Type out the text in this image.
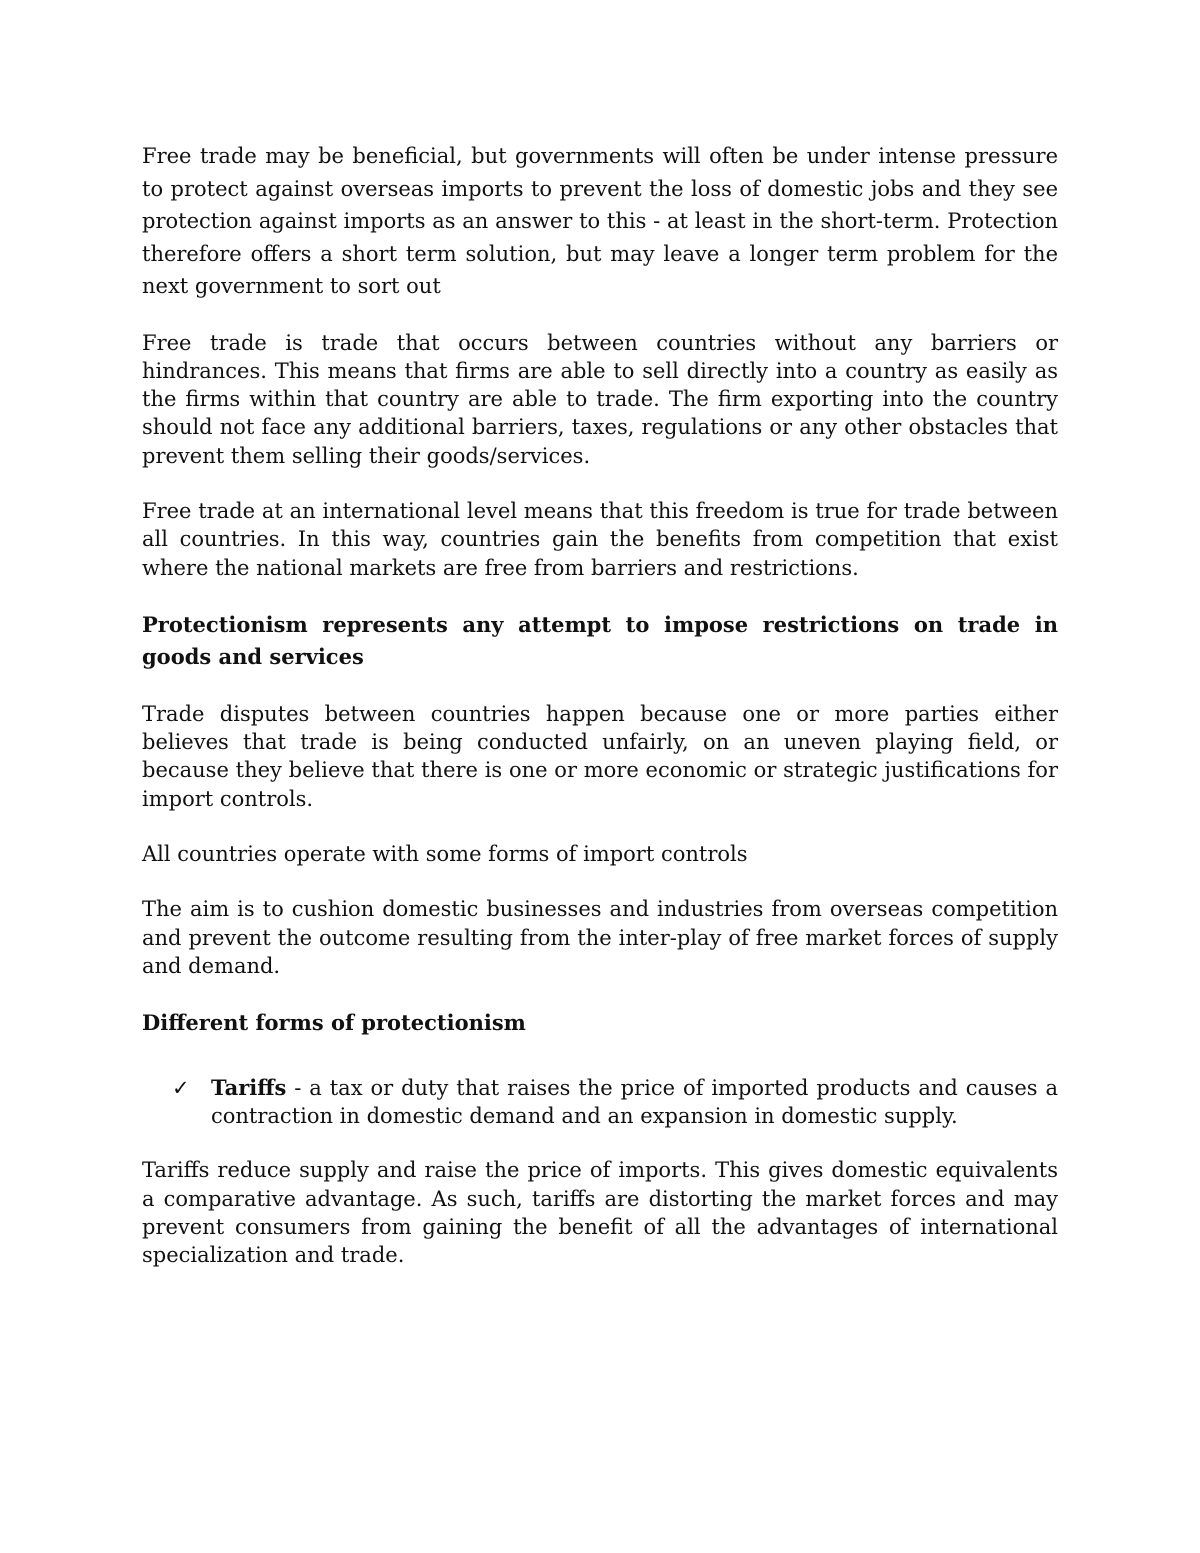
Free trade may be beneficial, but governments will often be under intense pressure to protect against overseas imports to prevent the loss of domestic jobs and they see protection against imports as an answer to this - at least in the short-term. Protection therefore offers a short term solution, but may leave a longer term problem for the next government to sort out

Free trade is trade that occurs between countries without any barriers or hindrances. This means that firms are able to sell directly into a country as easily as the firms within that country are able to trade. The firm exporting into the country should not face any additional barriers, taxes, regulations or any other obstacles that prevent them selling their goods/services.

Free trade at an international level means that this freedom is true for trade between all countries. In this way, countries gain the benefits from competition that exist where the national markets are free from barriers and restrictions.

Protectionism represents any attempt to impose restrictions on trade in goods and services

Trade disputes between countries happen because one or more parties either believes that trade is being conducted unfairly, on an uneven playing field, or because they believe that there is one or more economic or strategic justifications for import controls.

All countries operate with some forms of import controls

The aim is to cushion domestic businesses and industries from overseas competition and prevent the outcome resulting from the inter-play of free market forces of supply and demand.

Different forms of protectionism

✓ Tariffs - a tax or duty that raises the price of imported products and causes a contraction in domestic demand and an expansion in domestic supply.

Tariffs reduce supply and raise the price of imports. This gives domestic equivalents a comparative advantage. As such, tariffs are distorting the market forces and may prevent consumers from gaining the benefit of all the advantages of international specialization and trade.
